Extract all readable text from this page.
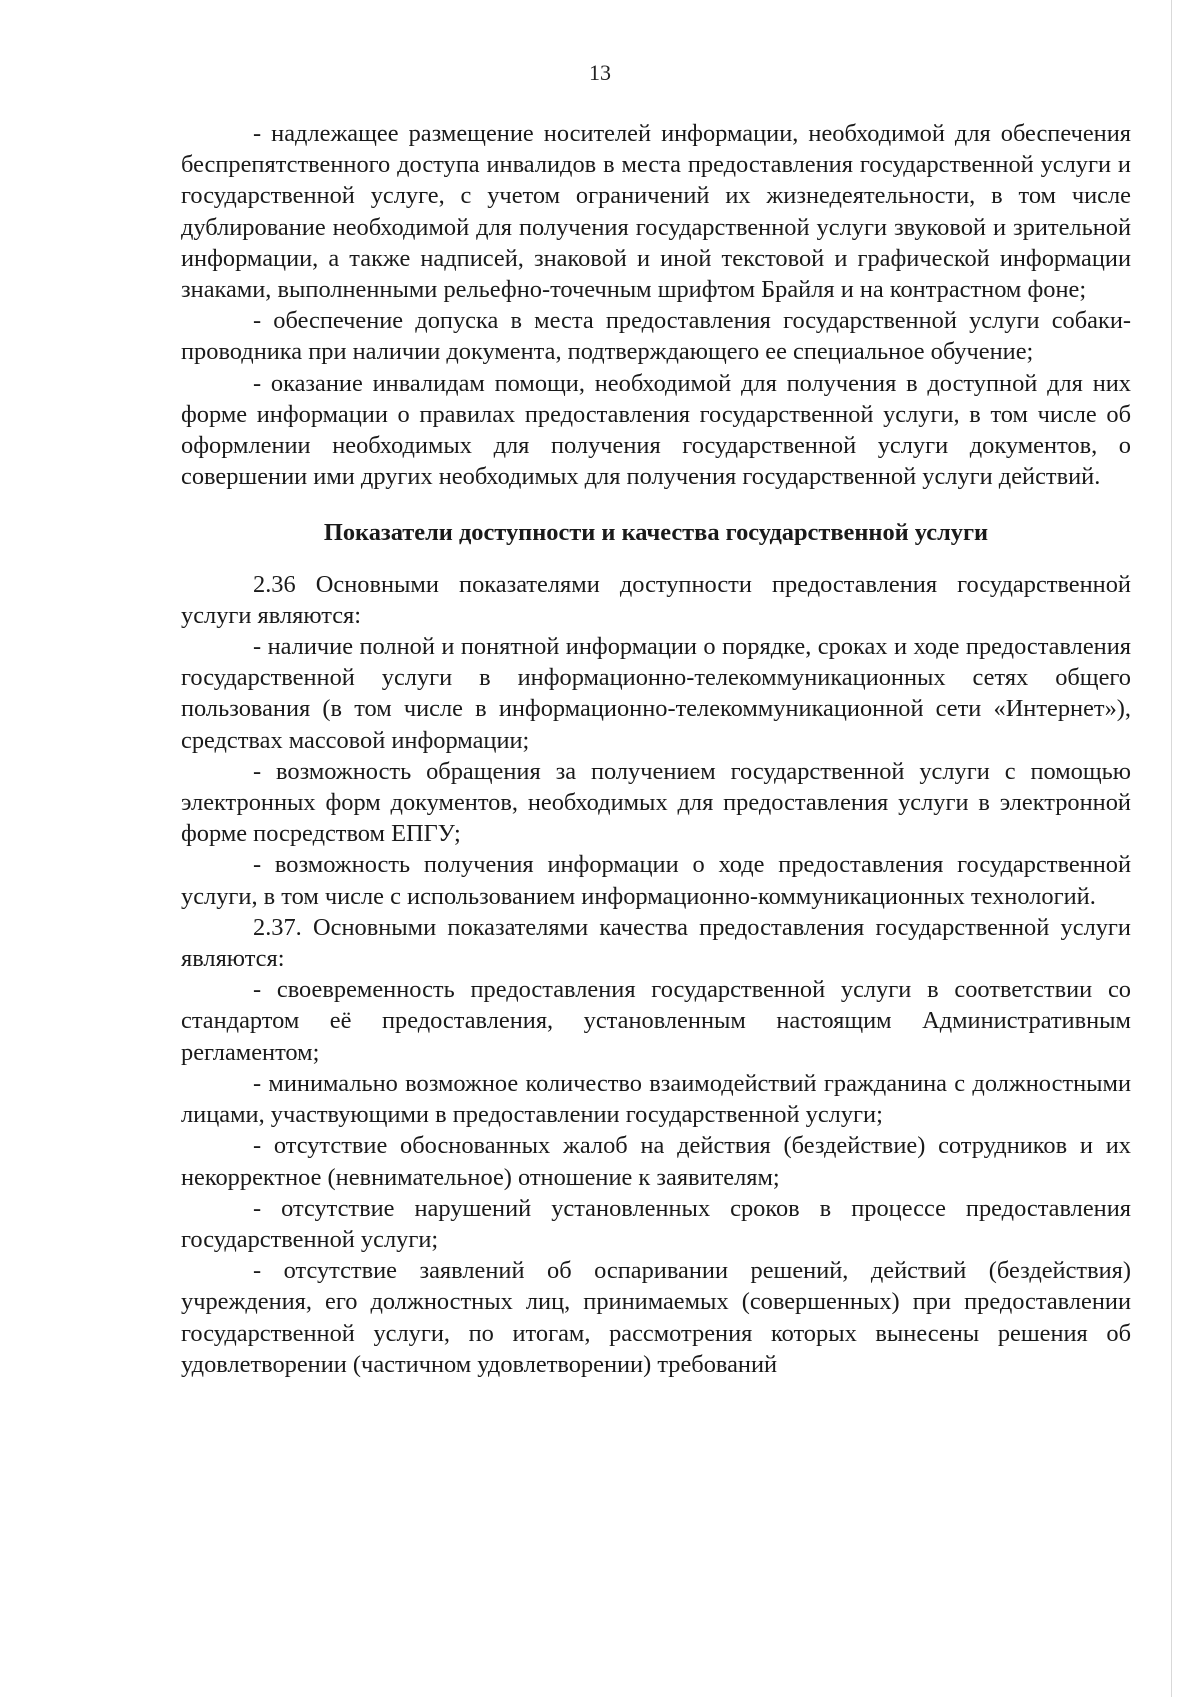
13

- надлежащее размещение носителей информации, необходимой для обеспечения беспрепятственного доступа инвалидов в места предоставления государственной услуги и государственной услуге, с учетом ограничений их жизнедеятельности, в том числе дублирование необходимой для получения государственной услуги звуковой и зрительной информации, а также надписей, знаковой и иной текстовой и графической информации знаками, выполненными рельефно-точечным шрифтом Брайля и на контрастном фоне;

- обеспечение допуска в места предоставления государственной услуги собаки-проводника при наличии документа, подтверждающего ее специальное обучение;

- оказание инвалидам помощи, необходимой для получения в доступной для них форме информации о правилах предоставления государственной услуги, в том числе об оформлении необходимых для получения государственной услуги документов, о совершении ими других необходимых для получения государственной услуги действий.

Показатели доступности и качества государственной услуги

2.36 Основными показателями доступности предоставления государственной услуги являются:

- наличие полной и понятной информации о порядке, сроках и ходе предоставления государственной услуги в информационно-телекоммуникационных сетях общего пользования (в том числе в информационно-телекоммуникационной сети «Интернет»), средствах массовой информации;

- возможность обращения за получением государственной услуги с помощью электронных форм документов, необходимых для предоставления услуги в электронной форме посредством ЕПГУ;

- возможность получения информации о ходе предоставления государственной услуги, в том числе с использованием информационно-коммуникационных технологий.

2.37. Основными показателями качества предоставления государственной услуги являются:

- своевременность предоставления государственной услуги в соответствии со стандартом её предоставления, установленным настоящим Административным регламентом;

- минимально возможное количество взаимодействий гражданина с должностными лицами, участвующими в предоставлении государственной услуги;

- отсутствие обоснованных жалоб на действия (бездействие) сотрудников и их некорректное (невнимательное) отношение к заявителям;

- отсутствие нарушений установленных сроков в процессе предоставления государственной услуги;

- отсутствие заявлений об оспаривании решений, действий (бездействия) учреждения, его должностных лиц, принимаемых (совершенных) при предоставлении государственной услуги, по итогам, рассмотрения которых вынесены решения об удовлетворении (частичном удовлетворении) требований
